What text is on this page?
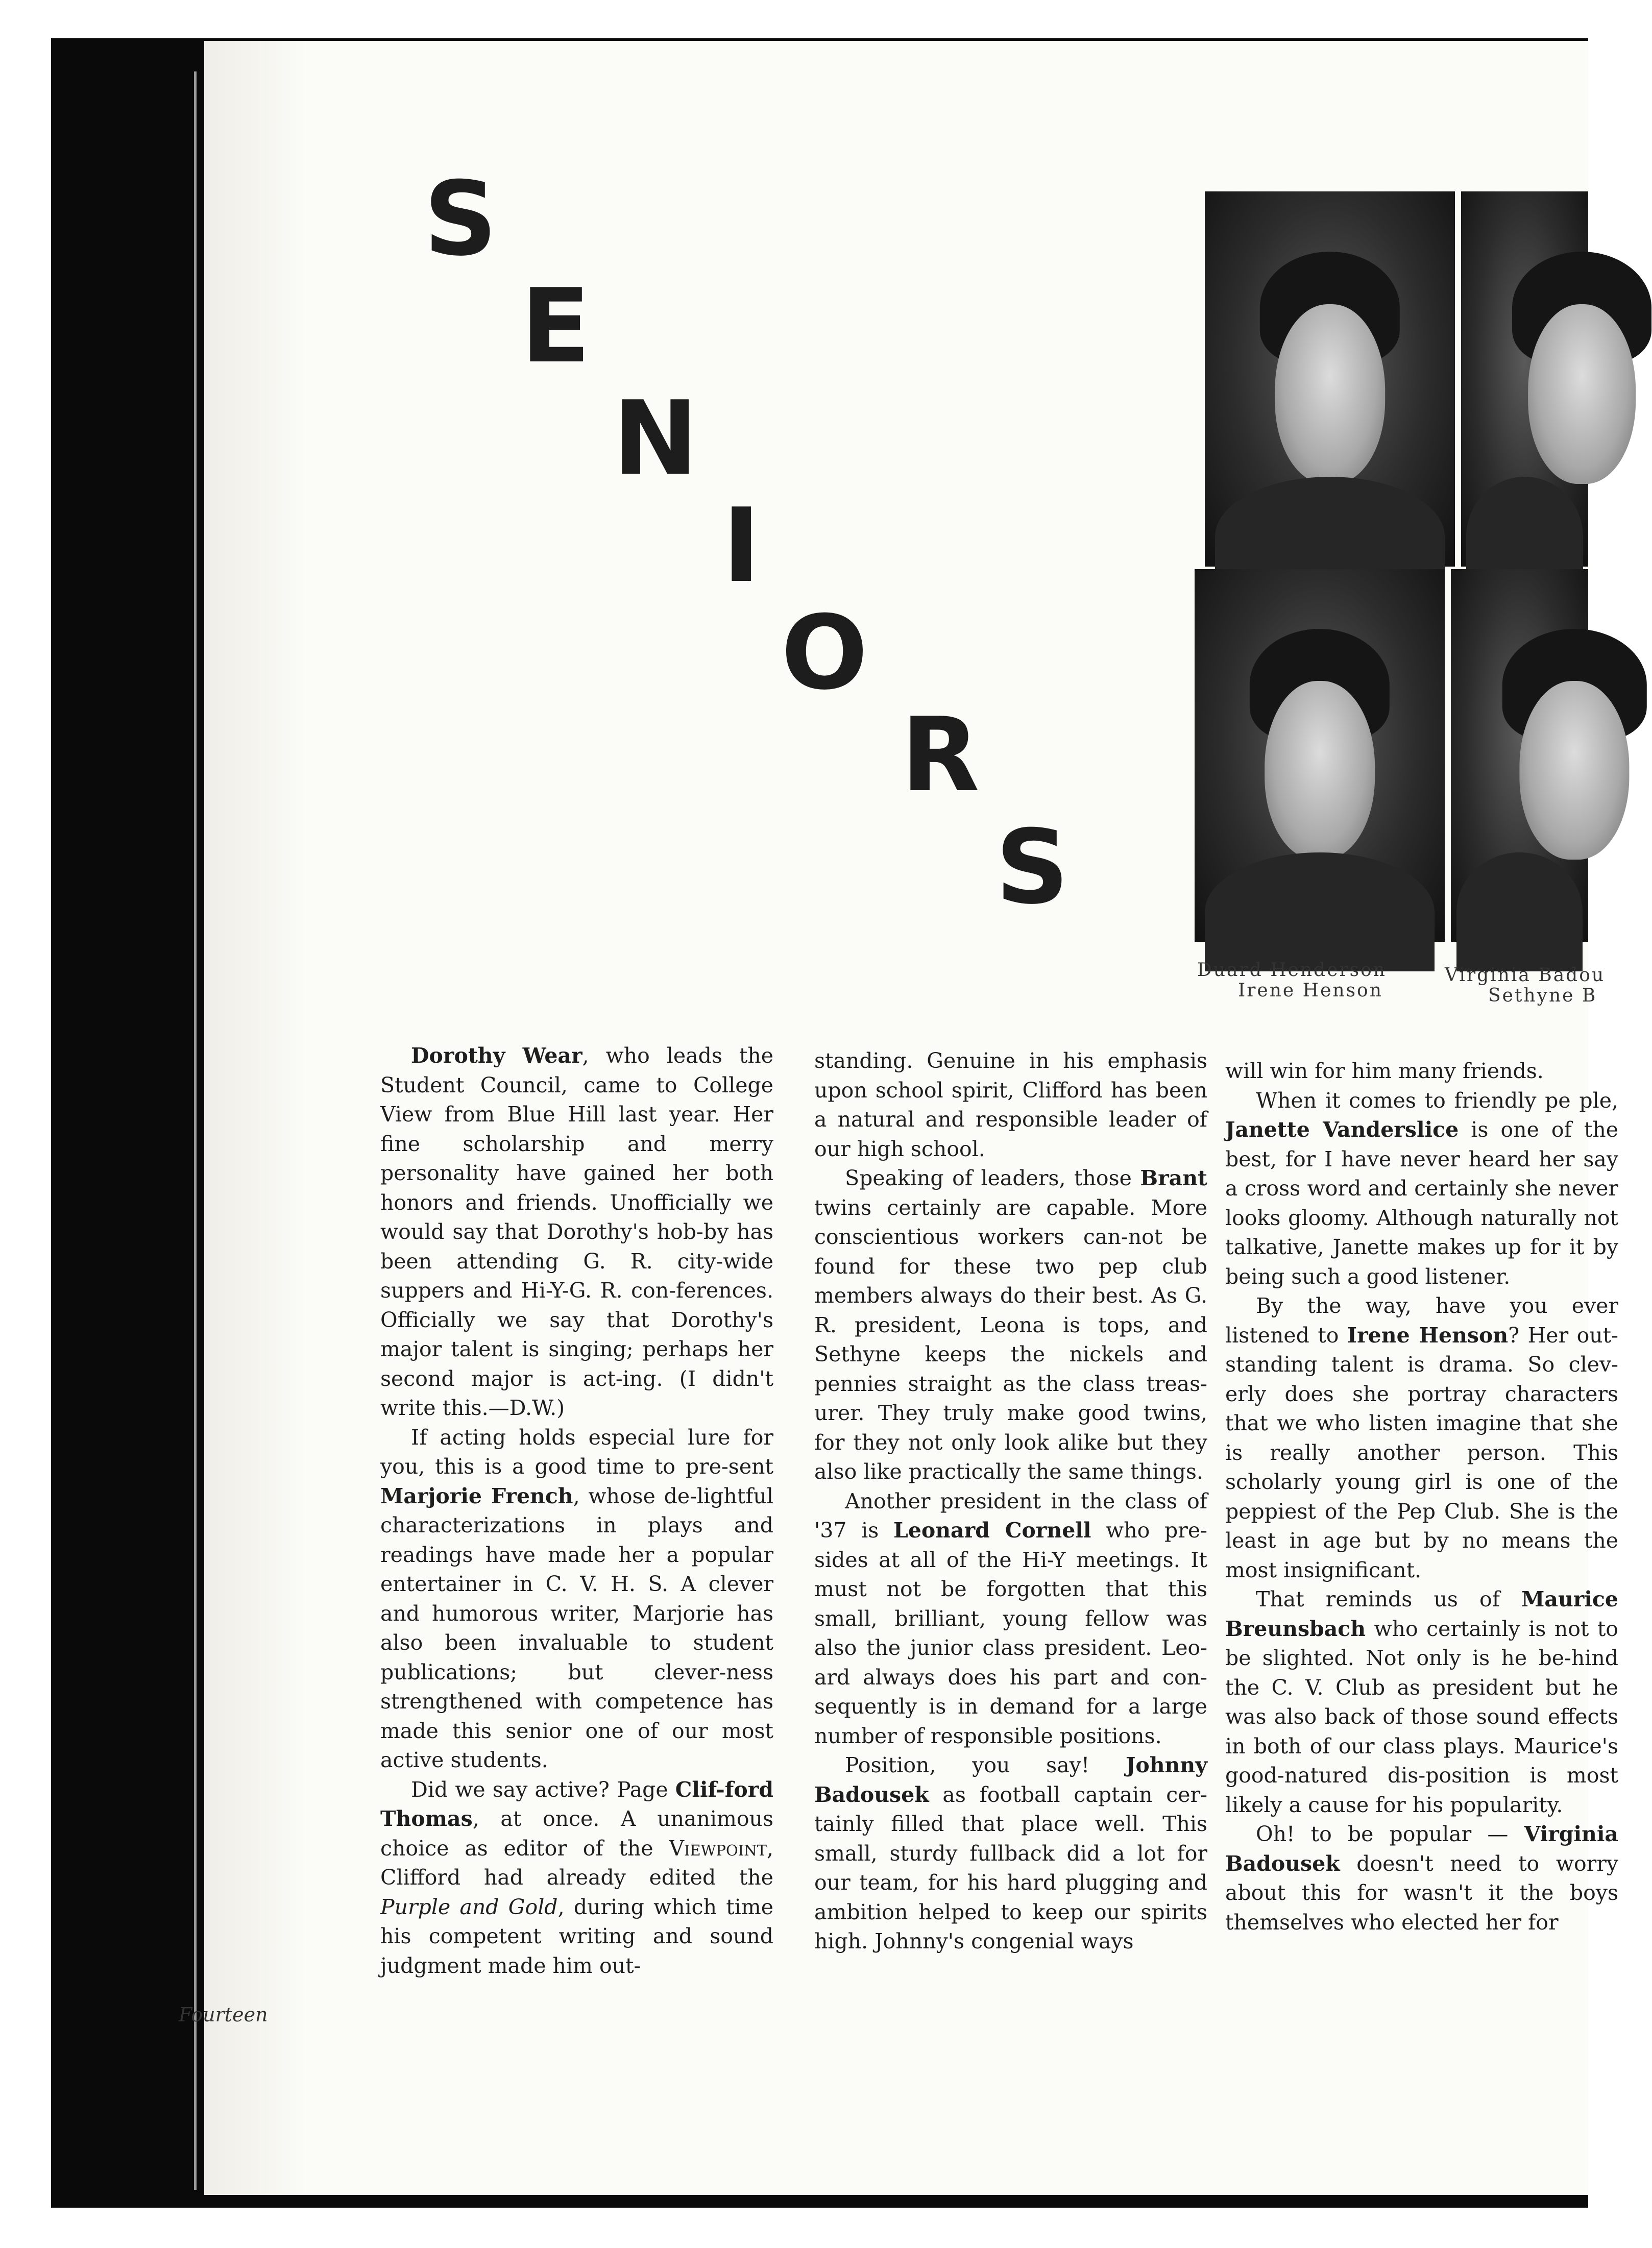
S
E
N
I
O
R
S
Duard Henderson
Irene Henson
Virginia Badou
Sethyne B

Dorothy Wear, who leads the Student Council, came to College View from Blue Hill last year. Her fine scholarship and merry personality have gained her both honors and friends. Unofficially we would say that Dorothy's hob-by has been attending G. R. city-wide suppers and Hi-Y-G. R. con-ferences. Officially we say that Dorothy's major talent is singing; perhaps her second major is act-ing. (I didn't write this.—D.W.)

If acting holds especial lure for you, this is a good time to pre-sent Marjorie French, whose de-lightful characterizations in plays and readings have made her a popular entertainer in C. V. H. S. A clever and humorous writer, Marjorie has also been invaluable to student publications; but clever-ness strengthened with competence has made this senior one of our most active students.

Did we say active? Page Clif-ford Thomas, at once. A unanimous choice as editor of the Viewpoint, Clifford had already edited the Purple and Gold, during which time his competent writing and sound judgment made him out-

standing. Genuine in his emphasis upon school spirit, Clifford has been a natural and responsible leader of our high school.

Speaking of leaders, those Brant twins certainly are capable. More conscientious workers can-not be found for these two pep club members always do their best. As G. R. president, Leona is tops, and Sethyne keeps the nickels and pennies straight as the class treas-urer. They truly make good twins, for they not only look alike but they also like practically the same things.

Another president in the class of '37 is Leonard Cornell who pre-sides at all of the Hi-Y meetings. It must not be forgotten that this small, brilliant, young fellow was also the junior class president. Leo-ard always does his part and con-sequently is in demand for a large number of responsible positions.

Position, you say! Johnny Badousek as football captain cer-tainly filled that place well. This small, sturdy fullback did a lot for our team, for his hard plugging and ambition helped to keep our spirits high. Johnny's congenial ways

will win for him many friends.

When it comes to friendly pe ple, Janette Vanderslice is one of the best, for I have never heard her say a cross word and certainly she never looks gloomy. Although naturally not talkative, Janette makes up for it by being such a good listener.

By the way, have you ever listened to Irene Henson? Her out-standing talent is drama. So clev-erly does she portray characters that we who listen imagine that she is really another person. This scholarly young girl is one of the peppiest of the Pep Club. She is the least in age but by no means the most insignificant.

That reminds us of Maurice Breunsbach who certainly is not to be slighted. Not only is he be-hind the C. V. Club as president but he was also back of those sound effects in both of our class plays. Maurice's good-natured dis-position is most likely a cause for his popularity.

Oh! to be popular — Virginia Badousek doesn't need to worry about this for wasn't it the boys themselves who elected her for

Fourteen
